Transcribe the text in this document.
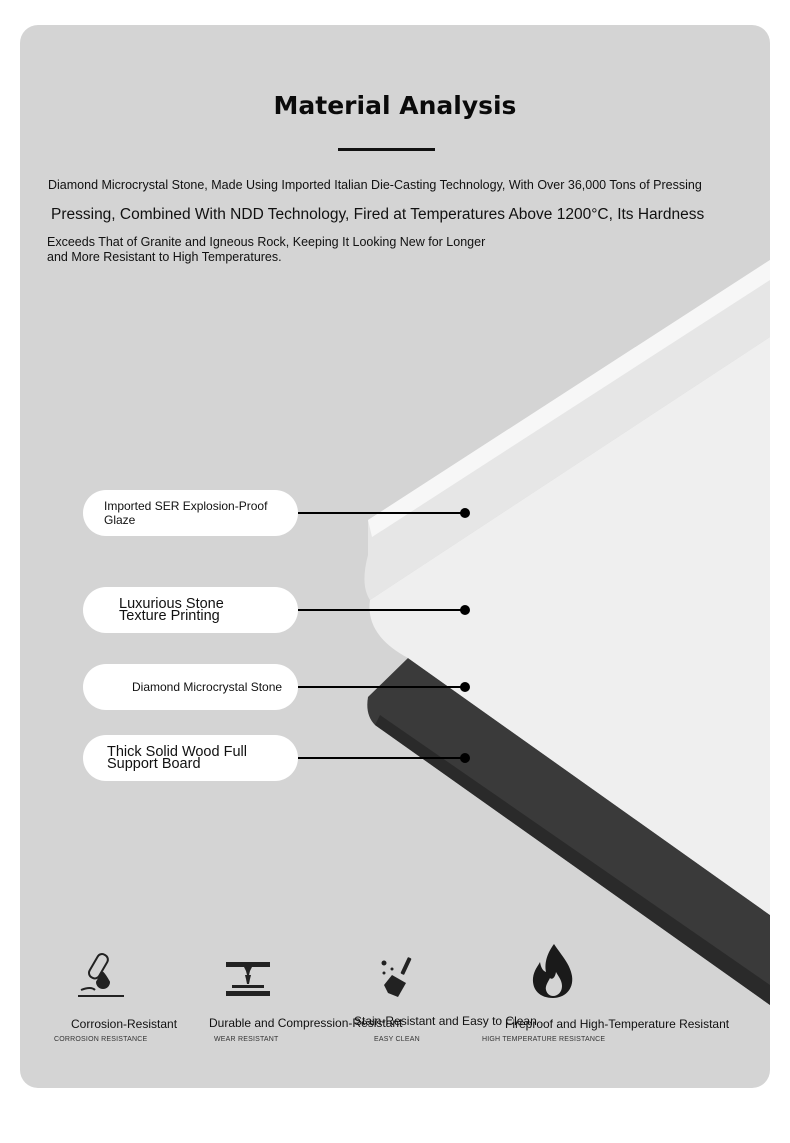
Material Analysis
Diamond Microcrystal Stone, Made Using Imported Italian Die-Casting Technology, With Over 36,000 Tons of Pressing
Pressing, Combined With NDD Technology, Fired at Temperatures Above 1200°C, Its Hardness
Exceeds That of Granite and Igneous Rock, Keeping It Looking New for Longer and More Resistant to High Temperatures.
Imported SER Explosion-Proof Glaze
Luxurious Stone
Texture Printing
Diamond Microcrystal Stone
Thick Solid Wood Full
Support Board
Corrosion-Resistant
CORROSION RESISTANCE
Durable and Compression-Resistant
WEAR RESISTANT
Stain-Resistant and Easy to Clean
EASY CLEAN
Fireproof and High-Temperature Resistant
HIGH TEMPERATURE RESISTANCE
